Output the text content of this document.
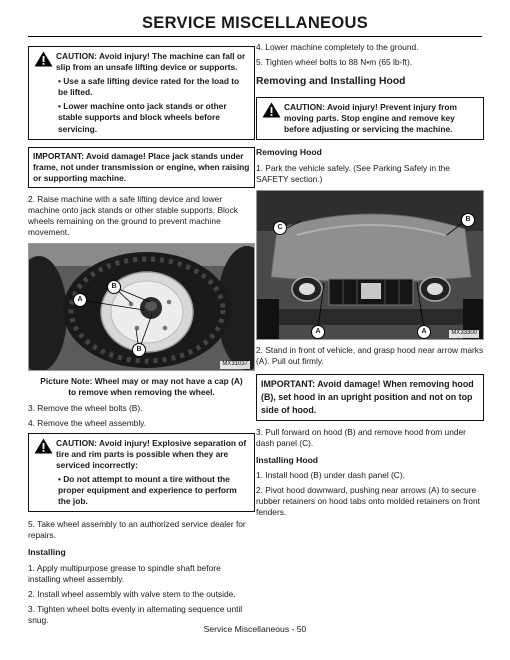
SERVICE MISCELLANEOUS
CAUTION: Avoid injury! The machine can fall or slip from an unsafe lifting device or supports.
• Use a safe lifting device rated for the load to be lifted.
• Lower machine onto jack stands or other stable supports and block wheels before servicing.
IMPORTANT: Avoid damage! Place jack stands under frame, not under transmission or engine, when raising or supporting machine.

2. Raise machine with a safe lifting device and lower machine onto jack stands or other stable supports. Block wheels remaining on the ground to prevent machine movement.

B
A
B
MX31037

Picture Note: Wheel may or may not have a cap (A) to remove when removing the wheel.

3. Remove the wheel bolts (B).

4. Remove the wheel assembly.

CAUTION: Avoid injury! Explosive separation of tire and rim parts is possible when they are serviced incorrectly:
• Do not attempt to mount a tire without the proper equipment and experience to perform the job.

5. Take wheel assembly to an authorized service dealer for repairs.

Installing

1. Apply multipurpose grease to spindle shaft before installing wheel assembly.

2. Install wheel assembly with valve stem to the outside.

3. Tighten wheel bolts evenly in alternating sequence until snug.

4. Lower machine completely to the ground.

5. Tighten wheel bolts to 88 N•m (65 lb-ft).

Removing and Installing Hood
CAUTION: Avoid injury! Prevent injury from moving parts. Stop engine and remove key before adjusting or servicing the machine.
Removing Hood

1. Park the vehicle safely. (See Parking Safely in the SAFETY section.)

C
B
A	A	MX33300

2. Stand in front of vehicle, and grasp hood near arrow marks (A). Pull out firmly.

IMPORTANT: Avoid damage! When removing hood (B), set hood in an upright position and not on top side of hood.

3. Pull forward on hood (B) and remove hood from under dash panel (C).

Installing Hood

1. Install hood (B) under dash panel (C).

2. Pivot hood downward, pushing near arrows (A) to secure rubber retainers on hood tabs onto molded retainers on front fenders.

Service Miscellaneous - 50
